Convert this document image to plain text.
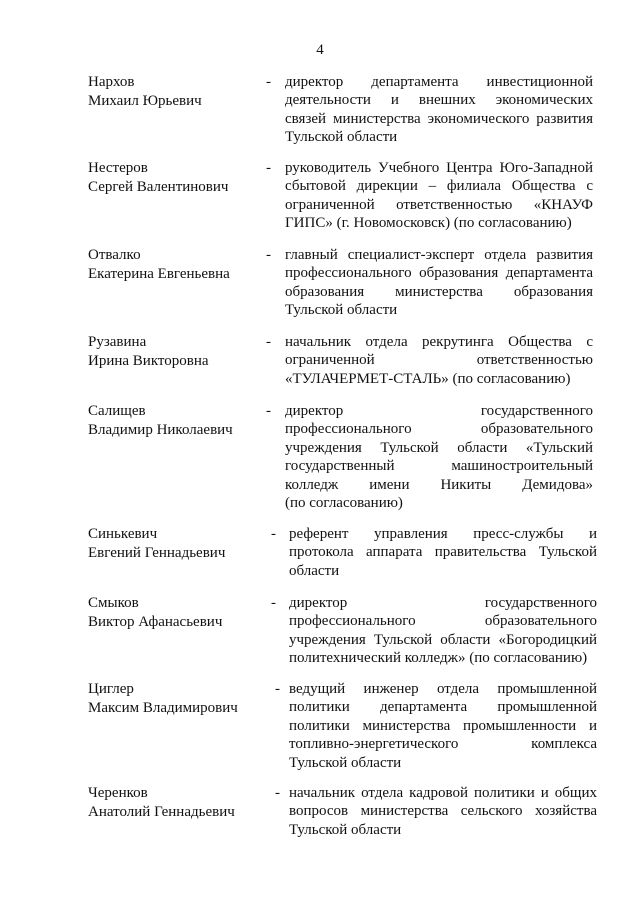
4
Нархов
Михаил Юрьевич
- директор департамента инвестиционной
деятельности и внешних экономических
связей министерства экономического развития
Тульской области
Нестеров
Сергей Валентинович
- руководитель Учебного Центра Юго-Западной
сбытовой дирекции – филиала Общества с
ограниченной ответственностью «КНАУФ
ГИПС» (г. Новомосковск) (по согласованию)
Отвалко
Екатерина Евгеньевна
- главный специалист-эксперт отдела развития
профессионального образования департамента
образования министерства образования
Тульской области
Рузавина
Ирина Викторовна
- начальник отдела рекрутинга Общества с
ограниченной ответственностью
«ТУЛАЧЕРМЕТ-СТАЛЬ» (по согласованию)
Салищев
Владимир Николаевич
- директор государственного
профессионального образовательного
учреждения Тульской области «Тульский
государственный машиностроительный
колледж имени Никиты Демидова»
(по согласованию)
Синькевич
Евгений Геннадьевич
- референт управления пресс-службы и
протокола аппарата правительства Тульской
области
Смыков
Виктор Афанасьевич
- директор государственного
профессионального образовательного
учреждения Тульской области «Богородицкий
политехнический колледж» (по согласованию)
Циглер
Максим Владимирович
- ведущий инженер отдела промышленной
политики департамента промышленной
политики министерства промышленности и
топливно-энергетического комплекса
Тульской области
Черенков
Анатолий Геннадьевич
- начальник отдела кадровой политики и общих
вопросов министерства сельского хозяйства
Тульской области
